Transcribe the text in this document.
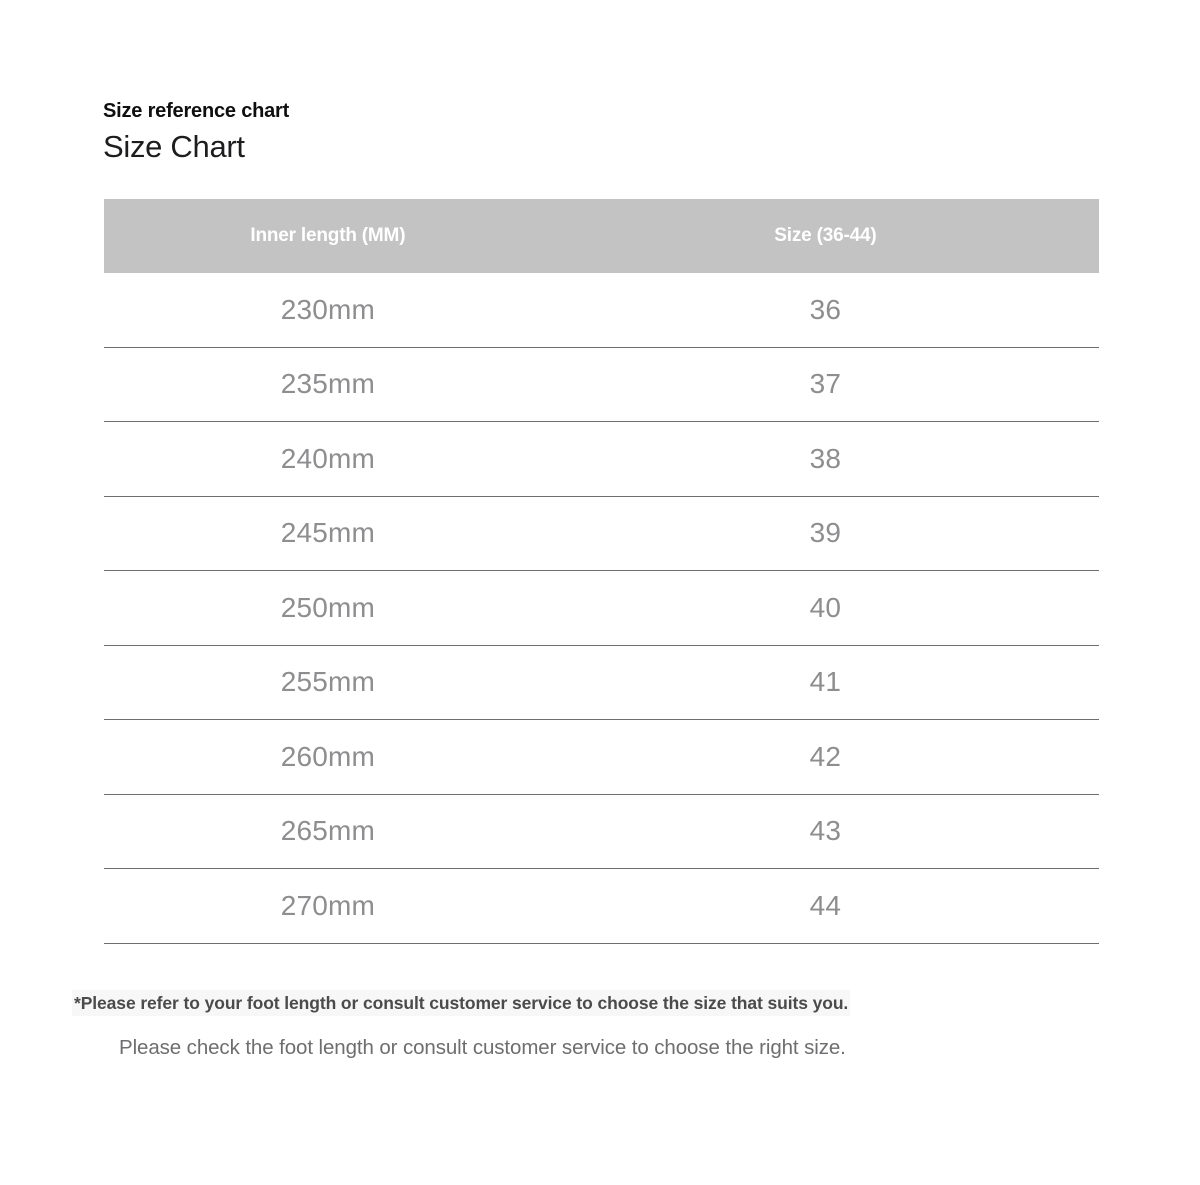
Size reference chart
Size Chart
Inner length (MM)	Size (36-44)
230mm	36
235mm	37
240mm	38
245mm	39
250mm	40
255mm	41
260mm	42
265mm	43
270mm	44
*Please refer to your foot length or consult customer service to choose the size that suits you.
Please check the foot length or consult customer service to choose the right size.
